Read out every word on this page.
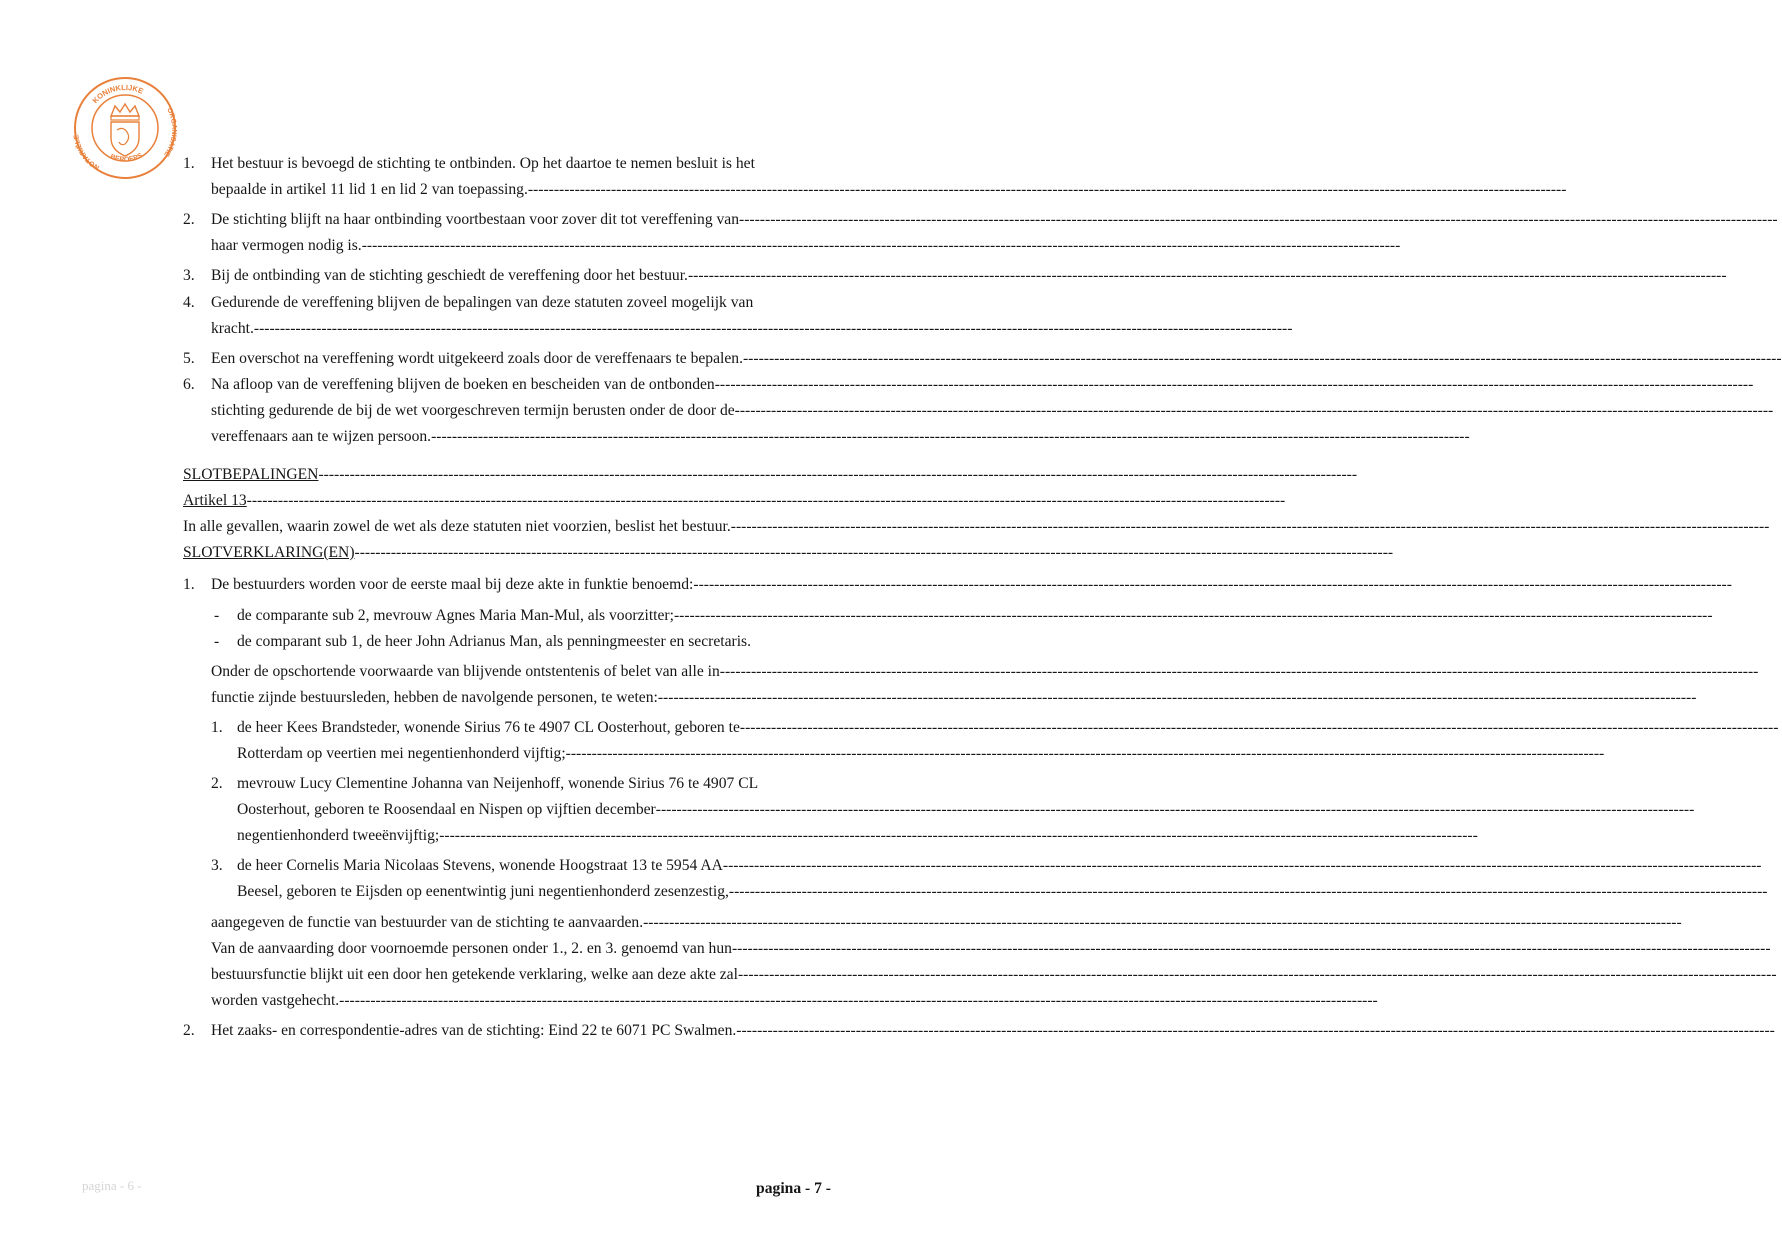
KONINKLIJKE
NOTARIËLE
ORGANISATIE
BEROEPS	1. Het bestuur is bevoegd de stichting te ontbinden. Op het daartoe te nemen besluit is het
bepaalde in artikel 11 lid 1 en lid 2 van toepassing. --------------------------------------------------------------------------------------------------------------------------------------------------------------------------------------------------------
2. De stichting blijft na haar ontbinding voortbestaan voor zover dit tot vereffening van --------------------------------------------------------------------------------------------------------------------------------------------------------------------------------------------------------
haar vermogen nodig is. --------------------------------------------------------------------------------------------------------------------------------------------------------------------------------------------------------
3. Bij de ontbinding van de stichting geschiedt de vereffening door het bestuur. --------------------------------------------------------------------------------------------------------------------------------------------------------------------------------------------------------
4. Gedurende de vereffening blijven de bepalingen van deze statuten zoveel mogelijk van
kracht. --------------------------------------------------------------------------------------------------------------------------------------------------------------------------------------------------------
5. Een overschot na vereffening wordt uitgekeerd zoals door de vereffenaars te bepalen. --------------------------------------------------------------------------------------------------------------------------------------------------------------------------------------------------------
6. Na afloop van de vereffening blijven de boeken en bescheiden van de ontbonden --------------------------------------------------------------------------------------------------------------------------------------------------------------------------------------------------------
stichting gedurende de bij de wet voorgeschreven termijn berusten onder de door de --------------------------------------------------------------------------------------------------------------------------------------------------------------------------------------------------------
vereffenaars aan te wijzen persoon. --------------------------------------------------------------------------------------------------------------------------------------------------------------------------------------------------------
SLOTBEPALINGEN --------------------------------------------------------------------------------------------------------------------------------------------------------------------------------------------------------
Artikel 13 --------------------------------------------------------------------------------------------------------------------------------------------------------------------------------------------------------
In alle gevallen, waarin zowel de wet als deze statuten niet voorzien, beslist het bestuur. --------------------------------------------------------------------------------------------------------------------------------------------------------------------------------------------------------
SLOTVERKLARING(EN) --------------------------------------------------------------------------------------------------------------------------------------------------------------------------------------------------------
1. De bestuurders worden voor de eerste maal bij deze akte in funktie benoemd: --------------------------------------------------------------------------------------------------------------------------------------------------------------------------------------------------------
- de comparante sub 2, mevrouw Agnes Maria Man-Mul, als voorzitter; --------------------------------------------------------------------------------------------------------------------------------------------------------------------------------------------------------
- de comparant sub 1, de heer John Adrianus Man, als penningmeester en secretaris.
Onder de opschortende voorwaarde van blijvende ontstentenis of belet van alle in --------------------------------------------------------------------------------------------------------------------------------------------------------------------------------------------------------
functie zijnde bestuursleden, hebben de navolgende personen, te weten: --------------------------------------------------------------------------------------------------------------------------------------------------------------------------------------------------------
1. de heer Kees Brandsteder, wonende Sirius 76 te 4907 CL Oosterhout, geboren te --------------------------------------------------------------------------------------------------------------------------------------------------------------------------------------------------------
Rotterdam op veertien mei negentienhonderd vijftig; --------------------------------------------------------------------------------------------------------------------------------------------------------------------------------------------------------
2. mevrouw Lucy Clementine Johanna van Neijenhoff, wonende Sirius 76 te 4907 CL
Oosterhout, geboren te Roosendaal en Nispen op vijftien december --------------------------------------------------------------------------------------------------------------------------------------------------------------------------------------------------------
negentienhonderd tweeënvijftig; --------------------------------------------------------------------------------------------------------------------------------------------------------------------------------------------------------
3. de heer Cornelis Maria Nicolaas Stevens, wonende Hoogstraat 13 te 5954 AA --------------------------------------------------------------------------------------------------------------------------------------------------------------------------------------------------------
Beesel, geboren te Eijsden op eenentwintig juni negentienhonderd zesenzestig, --------------------------------------------------------------------------------------------------------------------------------------------------------------------------------------------------------
aangegeven de functie van bestuurder van de stichting te aanvaarden. --------------------------------------------------------------------------------------------------------------------------------------------------------------------------------------------------------
Van de aanvaarding door voornoemde personen onder 1., 2. en 3. genoemd van hun --------------------------------------------------------------------------------------------------------------------------------------------------------------------------------------------------------
bestuursfunctie blijkt uit een door hen getekende verklaring, welke aan deze akte zal --------------------------------------------------------------------------------------------------------------------------------------------------------------------------------------------------------
worden vastgehecht. --------------------------------------------------------------------------------------------------------------------------------------------------------------------------------------------------------
2. Het zaaks- en correspondentie-adres van de stichting: Eind 22 te 6071 PC Swalmen. --------------------------------------------------------------------------------------------------------------------------------------------------------------------------------------------------------
pagina - 6 -	pagina - 7 -
